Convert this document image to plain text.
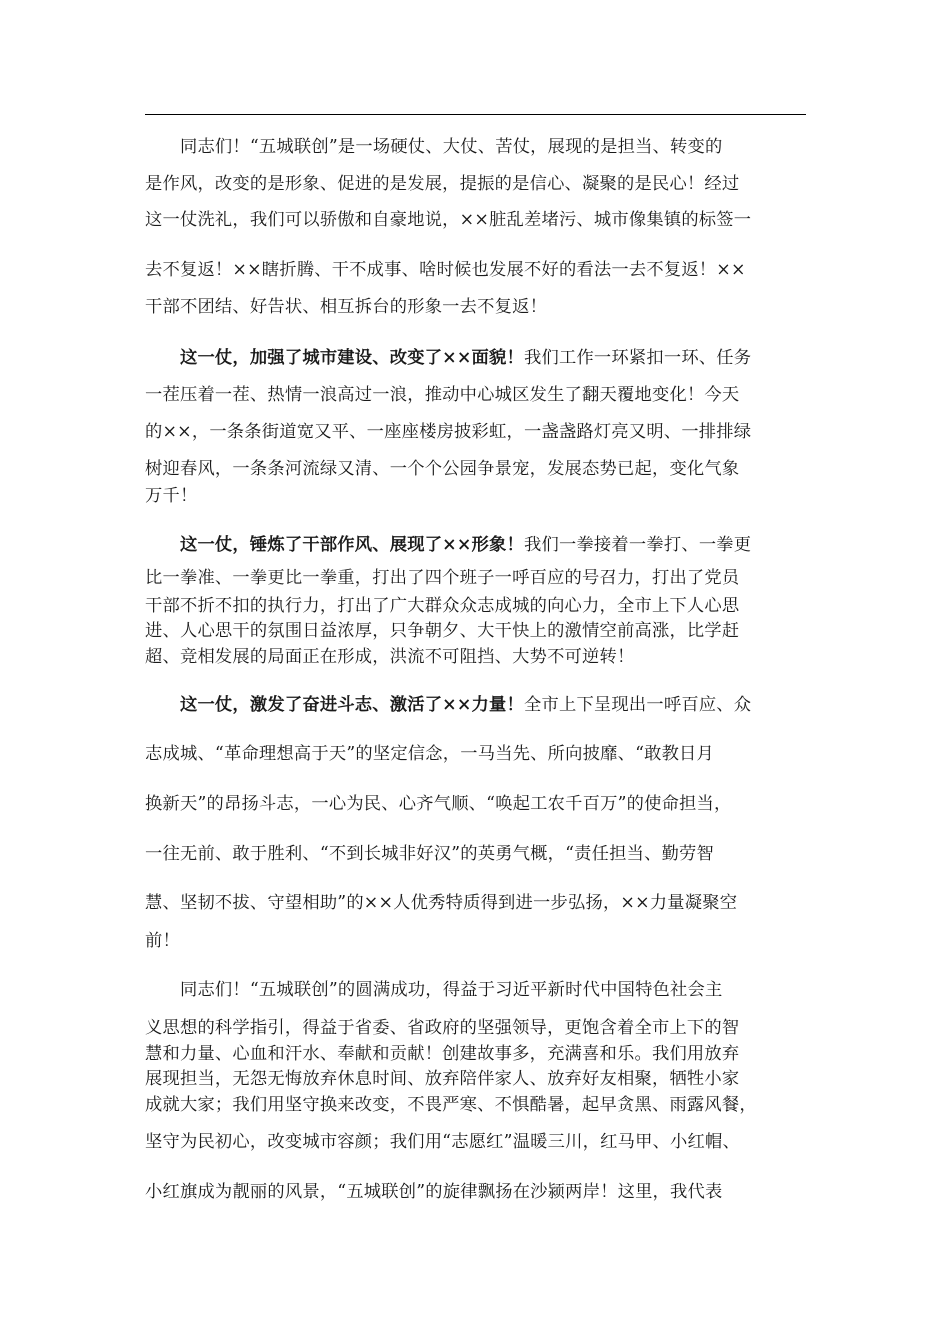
　　同志们！“五城联创”是一场硬仗、大仗、苦仗，展现的是担当、转变的
是作风，改变的是形象、促进的是发展，提振的是信心、凝聚的是民心！经过
这一仗洗礼，我们可以骄傲和自豪地说，××脏乱差堵污、城市像集镇的标签一
去不复返！××瞎折腾、干不成事、啥时候也发展不好的看法一去不复返！××
干部不团结、好告状、相互拆台的形象一去不复返！
　　这一仗，加强了城市建设、改变了××面貌！我们工作一环紧扣一环、任务
一茬压着一茬、热情一浪高过一浪，推动中心城区发生了翻天覆地变化！今天
的××，一条条街道宽又平、一座座楼房披彩虹，一盏盏路灯亮又明、一排排绿
树迎春风，一条条河流绿又清、一个个公园争景宠，发展态势已起，变化气象
万千！
　　这一仗，锤炼了干部作风、展现了××形象！我们一拳接着一拳打、一拳更
比一拳准、一拳更比一拳重，打出了四个班子一呼百应的号召力，打出了党员
干部不折不扣的执行力，打出了广大群众众志成城的向心力，全市上下人心思
进、人心思干的氛围日益浓厚，只争朝夕、大干快上的激情空前高涨，比学赶
超、竞相发展的局面正在形成，洪流不可阻挡、大势不可逆转！
　　这一仗，激发了奋进斗志、激活了××力量！全市上下呈现出一呼百应、众
志成城、“革命理想高于天”的坚定信念，一马当先、所向披靡、“敢教日月
换新天”的昂扬斗志，一心为民、心齐气顺、“唤起工农千百万”的使命担当，
一往无前、敢于胜利、“不到长城非好汉”的英勇气概，“责任担当、勤劳智
慧、坚韧不拔、守望相助”的××人优秀特质得到进一步弘扬，××力量凝聚空
前！
　　同志们！“五城联创”的圆满成功，得益于习近平新时代中国特色社会主
义思想的科学指引，得益于省委、省政府的坚强领导，更饱含着全市上下的智
慧和力量、心血和汗水、奉献和贡献！创建故事多，充满喜和乐。我们用放弃
展现担当，无怨无悔放弃休息时间、放弃陪伴家人、放弃好友相聚，牺牲小家
成就大家；我们用坚守换来改变，不畏严寒、不惧酷暑，起早贪黑、雨露风餐，
坚守为民初心，改变城市容颜；我们用“志愿红”温暖三川，红马甲、小红帽、
小红旗成为靓丽的风景，“五城联创”的旋律飘扬在沙颍两岸！这里，我代表
